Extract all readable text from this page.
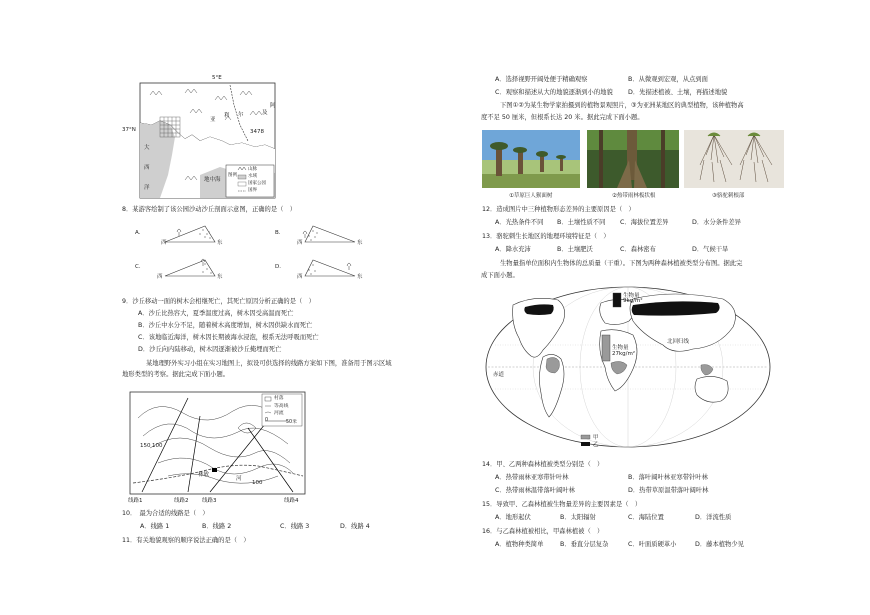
5°E
37°N
大
西
洋
阿
尔	及
利
亚
3478
地中海
图例
山脉
水域
国家公园
国界
8．某游客绘制了该公园沙动沙丘剖面示意图，正确的是（　）
A.
西	东
B.
西	东
C.
西	东
D.
西	东
9．沙丘移动一面的树木会相继死亡，其死亡原因分析正确的是（　）
A．沙丘比热容大，夏季温度过高，树木因受高温而死亡
B．沙丘中水分不足，随着树木高度增加，树木因供缺水而死亡
C．该地临近海洋，树木因长期被海水浸泡，根系无法呼吸而死亡
D．沙丘向内陆移动，树木因逐渐被沙丘掩埋而死亡
某地理野外实习小组在实习地图上，拟设可供选择的线路方案如下图，准备用于图示区域
地形类型的考察。据此完成下面小题。
村落
等高线
河流
0	50米
150 100
100
林敏
河
线路1	线路2 线路3	线路4
10．　最为合适的线路是（　）
A．线路 1	B．线路 2	C．线路 3	D．线路 4
11．有关地貌观察的顺序说法正确的是（　）
A．选择视野开阔处便于精确观察	B．从微观到宏观，从点到面
C．观察和描述从大的地貌逐渐到小的地貌 D．先描述植被、土壤，再描述地貌
下图①②为某生物学家拍摄到的植物景观照片，③为亚洲某地区的典型植物，该种植物高
度不足 50 厘米，但根系长达 20 米。据此完成下面小题。
①草原巨人猴面树	②热带雨林板状根	③骆驼刺根部
12．造成图片中三种植物形态差异的主要原因是（　）
A．光热条件不同 B．土壤性质不同 C．海拔位置差异	D．水分条件差异
13．骆驼刺生长地区的地理环境特征是（　）
A．降水充沛	B．土壤肥沃	C．森林密布	D．气候干旱
生物量指单位面积内生物体的总质量（干重）。下图为两种森林植被类型分布图。据此完
成下面小题。
生物量
9kg/m²
生物量
27kg/m²
赤道
北回归线
甲
乙
14．甲、乙两种森林植被类型分别是（　）
A．热带雨林亚寒带针叶林	B．落叶阔叶林亚寒带针叶林
C．热带雨林温带落叶阔叶林	D．热带草原温带落叶阔叶林
15．导致甲、乙森林植被生物量差异的主要因素是（　）
A．地形起伏	B．太阳辐射	C．海陆位置	D．洋流性质
16．与乙森林植被相比，甲森林植被（　）
A．植物种类简单	B．垂直分层复杂	C．叶面质硬革小	D．藤本植物少见
